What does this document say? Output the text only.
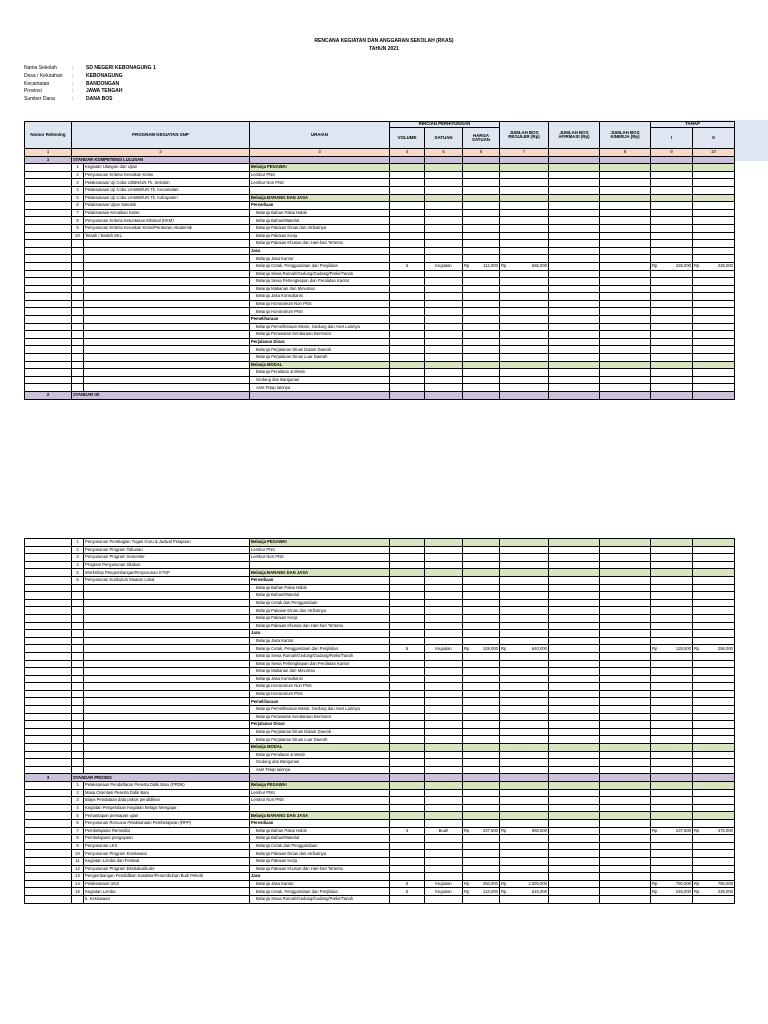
RENCANA KEGIATAN DAN ANGGARAN SEKOLAH (RKAS)
TAHUN 2021
Nama Sekolah	:	SD NEGERI KEBONAGUNG 1
Desa / Kelurahan :	KEBONAGUNG
Kecamatan	:	BANDONGAN
Provinsi	:	JAWA TENGAH
Sumber Dana	:	DANA BOS
Nomor Rekening	PROGRAM KEGIATAN SNP		URAIAN	RINCIAN PERHITUNGAN			JUMLAH BOS REGULER (Rp)	JUMLAH BOS AFIRMASI (Rp)	JUMLAH BOS KINERJA (Rp)	TAHAP	
				VOLUME	SATUAN	HARGA SATUAN				I	II
1	2		3	4	5	6	7		8	9	10
1	STANDAR KOMPETENSI LULUSAN										
	1	Kegiatan Ulangan dan Ujian	Belanja PEGAWAI								
	2	Penyusunan Kriteria Kenaikan Kelas	Lembur PNS								
	3	Pelaksanaan Uji Coba USBN/UN Tk. Sekolah	Lembur Non PNS								
	4	Pelaksanaan Uji Coba UASBN/UN Tk. Kecamatan									
	5	Pelaksanaan Uji Coba UASBN/UN Tk. Kabupaten	Belanja BARANG DAN JASA								
	6	Pelaksanaan Ujian Sekolah	Persediaan								
	7	Pelaksanaan Kenaikan Kelas	Belanja Bahan Pakai Habis								
	8	Penyusunan Kriteria Ketuntasan Minimal (KKM)	Belanja Bahan/Material								
	9	Penyusunan Kriteria Kenaikan Kelas/Peraturan Akademik	Belanja Pakaian Dinas dan Atributnya								
	10	Telaah / Bedah SKL	Belanja Pakaian Kerja								
			Belanja Pakaian Khusus dan Hari-hari Tertentu								
			Jasa								
			Belanja Jasa Kantor								
			Belanja Cetak, Penggandaan dan Penjilidan	5	Kegiatan	Rp 112,000	Rp 565,000			Rp 226,000	Rp 226,000

			Belanja Sewa Rumah/Gedung/Gudang/Parkir/Tanah								
			Belanja Sewa Perlengkapan dan Peralatan Kantor								
			Belanja Makanan dan Minuman								
			Belanja Jasa Konsultansi								
			Belanja Honorarium Non PNS								
			Belanja Honorarium PNS								
			Pemeliharaan								
			Belanja Pemeliharaan Mesin, Gedung dan Aset Lainnya								
			Belanja Perawatan Kendaraan Bermotor								
			Perjalanan Dinas								
			Belanja Perjalanan Dinas Dalam Daerah								
			Belanja Perjalanan Dinas Luar Daerah								
			Belanja MODAL								
			Belanja Peralatan & Mesin								
			Gedung dan Bangunan								
			Aset Tetap lainnya								
2	STANDAR ISI										
	1	Penyusunan Pembagian Tugas Guru & Jadwal Pelajaran	Belanja PEGAWAI								
	2	Penyusunan Program Tahunan	Lembur PNS								
	3	Penyusunan Program Semester	Lembur Non PNS								
	4	Program Penyusunan Silabus									
	5	Workshop PengembanganPenyusunan KTSP	Belanja BARANG DAN JASA								
	6	Penyusunan Kurikulum Muatan Lokal	Persediaan								
			Belanja Bahan Pakai Habis								
			Belanja Bahan/Material								
			Belanja Cetak dan Penggandaan								
			Belanja Pakaian Dinas dan Atributnya								
			Belanja Pakaian Kerja								
			Belanja Pakaian Khusus dan Hari-hari Tertentu								
			Jasa								
			Belanja Jasa Kantor								
			Belanja Cetak, Penggandaan dan Penjilidan	5	Kegiatan	Rp 128,000	Rp 640,000			Rp 128,000	Rp 256,000

			Belanja Sewa Rumah/Gedung/Gudang/Parkir/Tanah								
			Belanja Sewa Perlengkapan dan Peralatan Kantor								
			Belanja Makanan dan Minuman								
			Belanja Jasa Konsultansi								
			Belanja Honorarium Non PNS								
			Belanja Honorarium PNS								
			Pemeliharaan								
			Belanja Pemeliharaan Mesin, Gedung dan Aset Lainnya								
			Belanja Perawatan Kendaraan Bermotor								
			Perjalanan Dinas								
			Belanja Perjalanan Dinas Dalam Daerah								
			Belanja Perjalanan Dinas Luar Daerah								
			Belanja MODAL								
			Belanja Peralatan & Mesin								
			Gedung dan Bangunan								
			Aset Tetap lainnya								
3	STANDAR PROSES										
	1	Pelaksanaan Pendaftaran Peserta Didik Baru (PPDB)	Belanja PEGAWAI								
	2	Masa Orientasi Peserta Didik Baru	Lembur PNS								
	3	Biaya Pendataan data pokok pendidikan	Lembur Non PNS								
	4	Kegiatan Pengelolaan Kegiatan Belajar Mengajar :									
	5	Pemantapan persiapan ujian	Belanja BARANG DAN JASA								
	6	Penyusunan Rencana Pelaksanaan Pembelajaran (RPP)	Persediaan								
	7	Pembelajaran Remedial	Belanja Bahan Pakai Habis	4	Buah	Rp 237,500	Rp 950,000			Rp 237,500	Rp 475,000

	8	Pembelajaran pengayaan	Belanja Bahan/Material								
	9	Penyusunan LKS	Belanja Cetak dan Penggandaan								
	10	Penyusunan Program Kesiswaan	Belanja Pakaian Dinas dan Atributnya								
	11	Kegiatan Lomba dan Festival	Belanja Pakaian Kerja								
	12	Penyusunan Program Ekstrakurikuler	Belanja Pakaian Khusus dan Hari-hari Tertentu								
	13	Pengembangan Pendidikan Karakter/Penumbuhan Budi Pekerti	Jasa								
	14	Pelaksanaan UKS	Belanja Jasa Kantor	8	Kegiatan	Rp 250,000	Rp 2,000,000			Rp 750,000	Rp 750,000

	15	Kegiatan Lomba	Belanja Cetak, Penggandaan dan Penjilidan	5	Kegiatan	Rp 123,000	Rp 615,000			Rp 246,000	Rp 246,000

		b. Kesiswaan	Belanja Sewa Rumah/Gedung/Gudang/Parkir/Tanah								
